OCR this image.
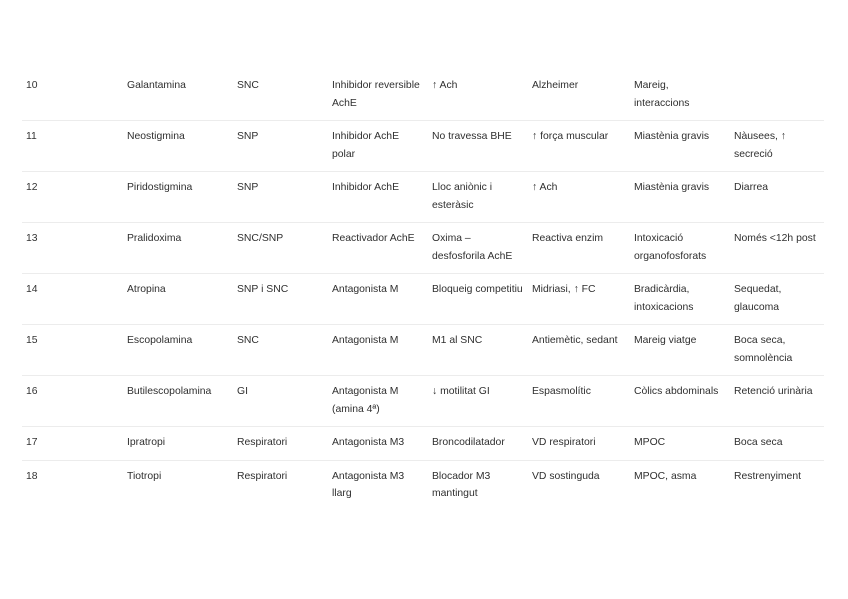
10	Galantamina	SNC	Inhibidor reversible AchE	↑ Ach	Alzheimer	Mareig, interaccions	
11	Neostigmina	SNP	Inhibidor AchE polar	No travessa BHE	↑ força muscular	Miastènia gravis	Nàusees, ↑ secreció
12	Piridostigmina	SNP	Inhibidor AchE	Lloc aniònic i esteràsic	↑ Ach	Miastènia gravis	Diarrea
13	Pralidoxima	SNC/SNP	Reactivador AchE	Oxima – desfosforila AchE	Reactiva enzim	Intoxicació organofosforats	Només <12h post
14	Atropina	SNP i SNC	Antagonista M	Bloqueig competitiu	Midriasi, ↑ FC	Bradicàrdia, intoxicacions	Sequedat, glaucoma
15	Escopolamina	SNC	Antagonista M	M1 al SNC	Antiemètic, sedant	Mareig viatge	Boca seca, somnolència
16	Butilescopolamina	GI	Antagonista M (amina 4ª)	↓ motilitat GI	Espasmolític	Còlics abdominals	Retenció urinària
17	Ipratropi	Respiratori	Antagonista M3	Broncodilatador	VD respiratori	MPOC	Boca seca
18	Tiotropi	Respiratori	Antagonista M3 llarg	Blocador M3 mantingut	VD sostinguda	MPOC, asma	Restrenyiment
